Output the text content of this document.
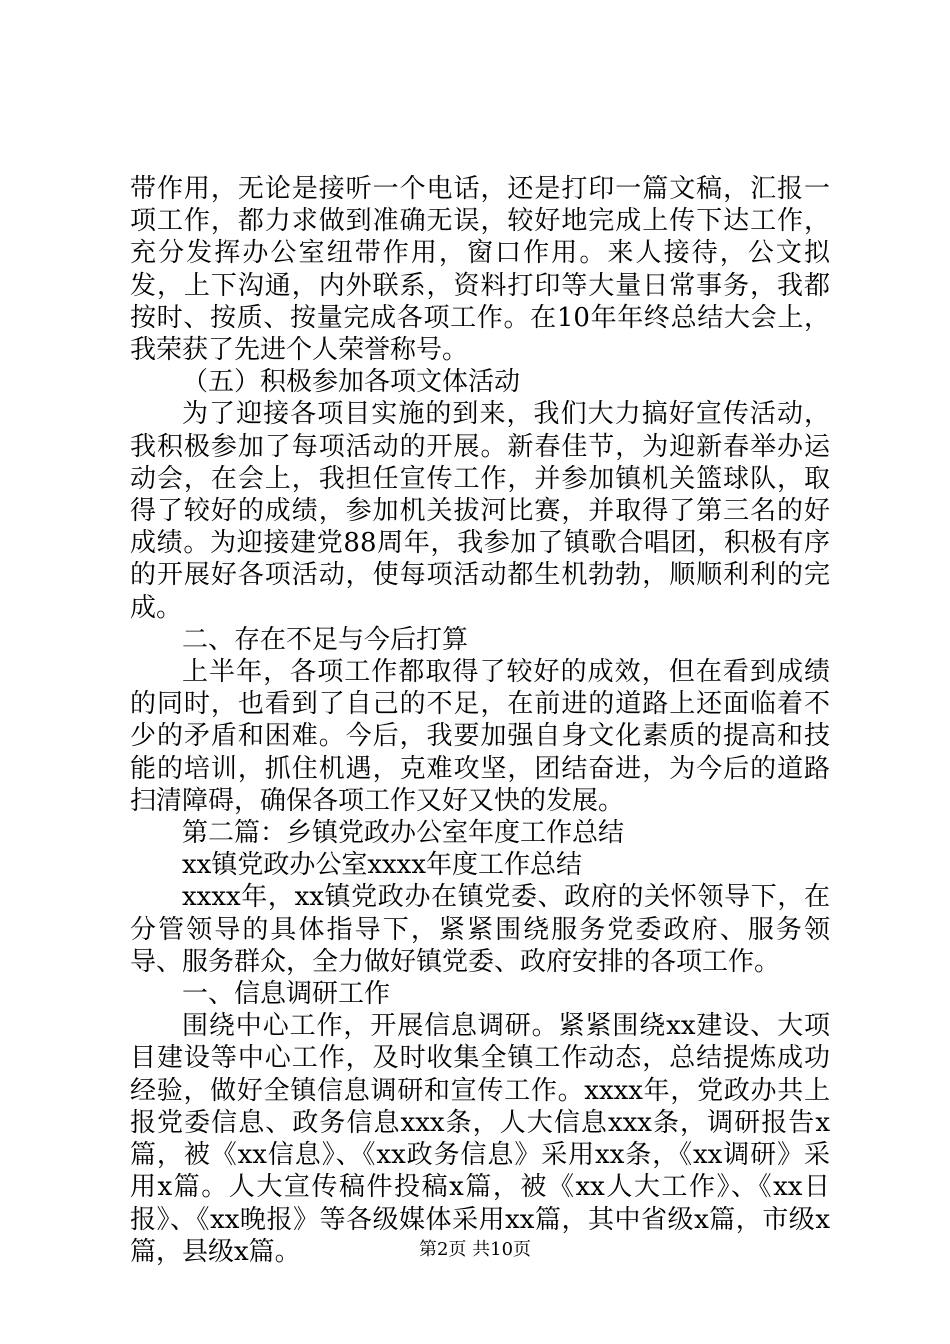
带作用，无论是接听一个电话，还是打印一篇文稿，汇报一项工作，都力求做到准确无误，较好地完成上传下达工作，充分发挥办公室纽带作用，窗口作用。来人接待，公文拟发，上下沟通，内外联系，资料打印等大量日常事务，我都按时、按质、按量完成各项工作。在10年年终总结大会上，我荣获了先进个人荣誉称号。

（五）积极参加各项文体活动

为了迎接各项目实施的到来，我们大力搞好宣传活动，我积极参加了每项活动的开展。新春佳节，为迎新春举办运动会，在会上，我担任宣传工作，并参加镇机关篮球队，取得了较好的成绩，参加机关拔河比赛，并取得了第三名的好成绩。为迎接建党88周年，我参加了镇歌合唱团，积极有序的开展好各项活动，使每项活动都生机勃勃，顺顺利利的完成。

二、存在不足与今后打算

上半年，各项工作都取得了较好的成效，但在看到成绩的同时，也看到了自己的不足，在前进的道路上还面临着不少的矛盾和困难。今后，我要加强自身文化素质的提高和技能的培训，抓住机遇，克难攻坚，团结奋进，为今后的道路扫清障碍，确保各项工作又好又快的发展。

第二篇：乡镇党政办公室年度工作总结

xx镇党政办公室xxxx年度工作总结

xxxx年，xx镇党政办在镇党委、政府的关怀领导下，在分管领导的具体指导下，紧紧围绕服务党委政府、服务领导、服务群众，全力做好镇党委、政府安排的各项工作。

一、信息调研工作

围绕中心工作，开展信息调研。紧紧围绕xx建设、大项目建设等中心工作，及时收集全镇工作动态，总结提炼成功经验，做好全镇信息调研和宣传工作。xxxx年，党政办共上报党委信息、政务信息xxx条，人大信息xxx条，调研报告x篇，被《xx信息》、《xx政务信息》采用xx条，《xx调研》采用x篇。人大宣传稿件投稿x篇，被《xx人大工作》、《xx日报》、《xx晚报》等各级媒体采用xx篇，其中省级x篇，市级x篇，县级x篇。	第2页 共10页
